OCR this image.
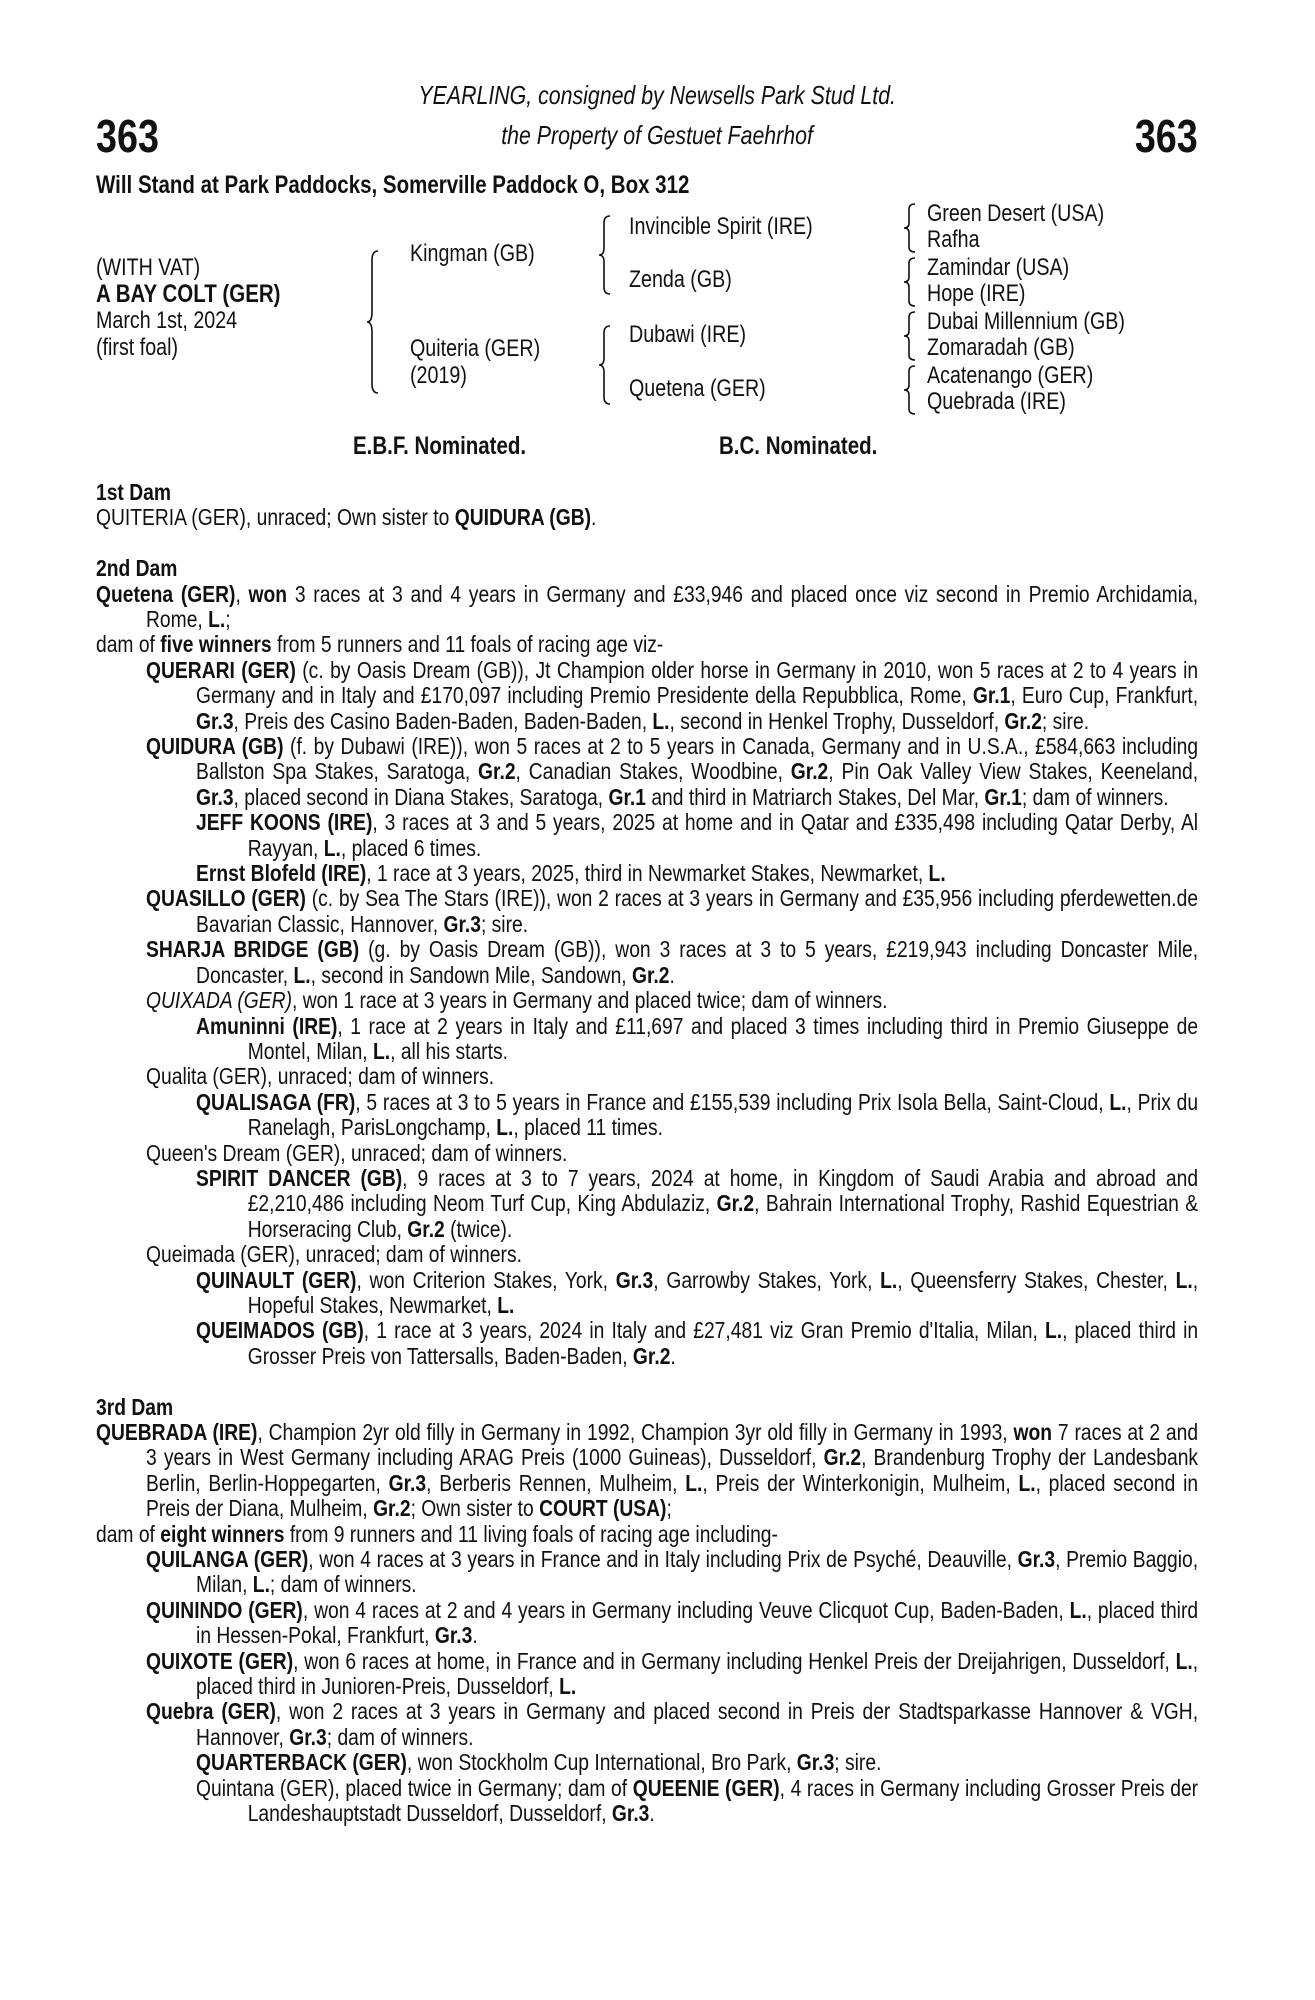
YEARLING, consigned by Newsells Park Stud Ltd.
363	the Property of Gestuet Faehrhof	363
Will Stand at Park Paddocks, Somerville Paddock O, Box 312
(WITH VAT)
A BAY COLT (GER)
March 1st, 2024
(first foal)
Kingman (GB)
Quiteria (GER)
(2019)
Invincible Spirit (IRE)
Zenda (GB)
Dubawi (IRE)
Quetena (GER)
Green Desert (USA)
Rafha
Zamindar (USA)
Hope (IRE)
Dubai Millennium (GB)
Zomaradah (GB)
Acatenango (GER)
Quebrada (IRE)
E.B.F. Nominated.	B.C. Nominated.
1st Dam
QUITERIA (GER), unraced; Own sister to QUIDURA (GB).
2nd Dam
Quetena (GER), won 3 races at 3 and 4 years in Germany and £33,946 and placed once viz second in Premio Archidamia, Rome, L.;
dam of five winners from 5 runners and 11 foals of racing age viz-
QUERARI (GER) (c. by Oasis Dream (GB)), Jt Champion older horse in Germany in 2010, won 5 races at 2 to 4 years in Germany and in Italy and £170,097 including Premio Presidente della Repubblica, Rome, Gr.1, Euro Cup, Frankfurt, Gr.3, Preis des Casino Baden-Baden, Baden-Baden, L., second in Henkel Trophy, Dusseldorf, Gr.2; sire.
QUIDURA (GB) (f. by Dubawi (IRE)), won 5 races at 2 to 5 years in Canada, Germany and in U.S.A., £584,663 including Ballston Spa Stakes, Saratoga, Gr.2, Canadian Stakes, Woodbine, Gr.2, Pin Oak Valley View Stakes, Keeneland, Gr.3, placed second in Diana Stakes, Saratoga, Gr.1 and third in Matriarch Stakes, Del Mar, Gr.1; dam of winners.
JEFF KOONS (IRE), 3 races at 3 and 5 years, 2025 at home and in Qatar and £335,498 including Qatar Derby, Al Rayyan, L., placed 6 times.
Ernst Blofeld (IRE), 1 race at 3 years, 2025, third in Newmarket Stakes, Newmarket, L.
QUASILLO (GER) (c. by Sea The Stars (IRE)), won 2 races at 3 years in Germany and £35,956 including pferdewetten.de Bavarian Classic, Hannover, Gr.3; sire.
SHARJA BRIDGE (GB) (g. by Oasis Dream (GB)), won 3 races at 3 to 5 years, £219,943 including Doncaster Mile, Doncaster, L., second in Sandown Mile, Sandown, Gr.2.
QUIXADA (GER), won 1 race at 3 years in Germany and placed twice; dam of winners.
Amuninni (IRE), 1 race at 2 years in Italy and £11,697 and placed 3 times including third in Premio Giuseppe de Montel, Milan, L., all his starts.
Qualita (GER), unraced; dam of winners.
QUALISAGA (FR), 5 races at 3 to 5 years in France and £155,539 including Prix Isola Bella, Saint-Cloud, L., Prix du Ranelagh, ParisLongchamp, L., placed 11 times.
Queen's Dream (GER), unraced; dam of winners.
SPIRIT DANCER (GB), 9 races at 3 to 7 years, 2024 at home, in Kingdom of Saudi Arabia and abroad and £2,210,486 including Neom Turf Cup, King Abdulaziz, Gr.2, Bahrain International Trophy, Rashid Equestrian & Horseracing Club, Gr.2 (twice).
Queimada (GER), unraced; dam of winners.
QUINAULT (GER), won Criterion Stakes, York, Gr.3, Garrowby Stakes, York, L., Queensferry Stakes, Chester, L., Hopeful Stakes, Newmarket, L.
QUEIMADOS (GB), 1 race at 3 years, 2024 in Italy and £27,481 viz Gran Premio d'Italia, Milan, L., placed third in Grosser Preis von Tattersalls, Baden-Baden, Gr.2.
3rd Dam
QUEBRADA (IRE), Champion 2yr old filly in Germany in 1992, Champion 3yr old filly in Germany in 1993, won 7 races at 2 and 3 years in West Germany including ARAG Preis (1000 Guineas), Dusseldorf, Gr.2, Brandenburg Trophy der Landesbank Berlin, Berlin-Hoppegarten, Gr.3, Berberis Rennen, Mulheim, L., Preis der Winterkonigin, Mulheim, L., placed second in Preis der Diana, Mulheim, Gr.2; Own sister to COURT (USA);
dam of eight winners from 9 runners and 11 living foals of racing age including-
QUILANGA (GER), won 4 races at 3 years in France and in Italy including Prix de Psyché, Deauville, Gr.3, Premio Baggio, Milan, L.; dam of winners.
QUININDO (GER), won 4 races at 2 and 4 years in Germany including Veuve Clicquot Cup, Baden-Baden, L., placed third in Hessen-Pokal, Frankfurt, Gr.3.
QUIXOTE (GER), won 6 races at home, in France and in Germany including Henkel Preis der Dreijahrigen, Dusseldorf, L., placed third in Junioren-Preis, Dusseldorf, L.
Quebra (GER), won 2 races at 3 years in Germany and placed second in Preis der Stadtsparkasse Hannover & VGH, Hannover, Gr.3; dam of winners.
QUARTERBACK (GER), won Stockholm Cup International, Bro Park, Gr.3; sire.
Quintana (GER), placed twice in Germany; dam of QUEENIE (GER), 4 races in Germany including Grosser Preis der Landeshauptstadt Dusseldorf, Dusseldorf, Gr.3.
